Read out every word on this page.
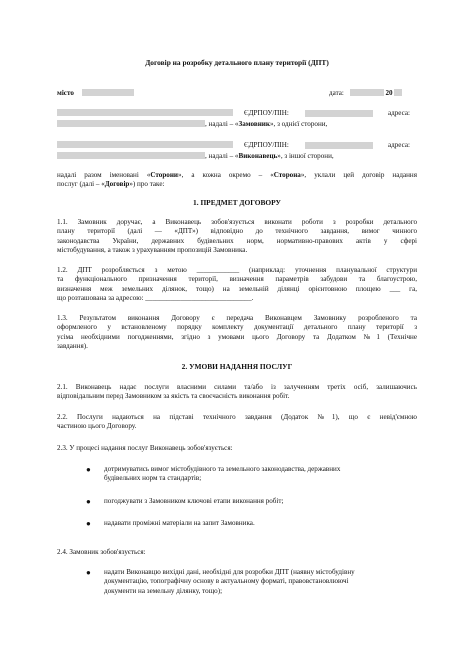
Договір на розробку детального плану території (ДПТ)
місто	дата:	20
ЄДРПОУ/ПІН:	адреса:
, надалі – «Замовник», з однієї сторони,
ЄДРПОУ/ПІН:	адреса:
, надалі – «Виконавець», з іншої сторони,
надалі разом іменовані «Сторони», а кожна окремо – «Сторона», уклали цей договір надання
послуг (далі – «Договір») про таке:
1. ПРЕДМЕТ ДОГОВОРУ
1.1. Замовник доручає, а Виконавець зобов'язується виконати роботи з розробки детального
плану території (далі — «ДПТ») відповідно до технічного завдання, вимог чинного
законодавства України, державних будівельних норм, нормативно-правових актів у сфері
містобудування, а також з урахуванням пропозицій Замовника.
1.2. ДПТ розробляється з метою ____________ (наприклад: уточнення планувальної структури
та функціонального призначення території, визначення параметрів забудови та благоустрою,
визначення меж земельних ділянок, тощо) на земельній ділянці орієнтовною площею ___ га,
що розташована за адресою: ______________________________.
1.3. Результатом виконання Договору є передача Виконавцем Замовнику розробленого та
оформленого у встановленому порядку комплекту документації детального плану території з
усіма необхідними погодженнями, згідно з умовами цього Договору та Додатком №1 (Технічне
завдання).
2. УМОВИ НАДАННЯ ПОСЛУГ
2.1. Виконавець надає послуги власними силами та/або із залученням третіх осіб, залишаючись
відповідальним перед Замовником за якість та своєчасність виконання робіт.
2.2. Послуги надаються на підставі технічного завдання (Додаток №1), що є невід'ємною
частиною цього Договору.
2.3. У процесі надання послуг Виконавець зобов'язується:
●	дотримуватись вимог містобудівного та земельного законодавства, державних
будівельних норм та стандартів;
●	погоджувати з Замовником ключові етапи виконання робіт;
●	надавати проміжні матеріали на запит Замовника.
2.4. Замовник зобов'язується:
●	надати Виконавцю вихідні дані, необхідні для розробки ДПТ (наявну містобудівну
документацію, топографічну основу в актуальному форматі, правовстановлюючі
документи на земельну ділянку, тощо);
